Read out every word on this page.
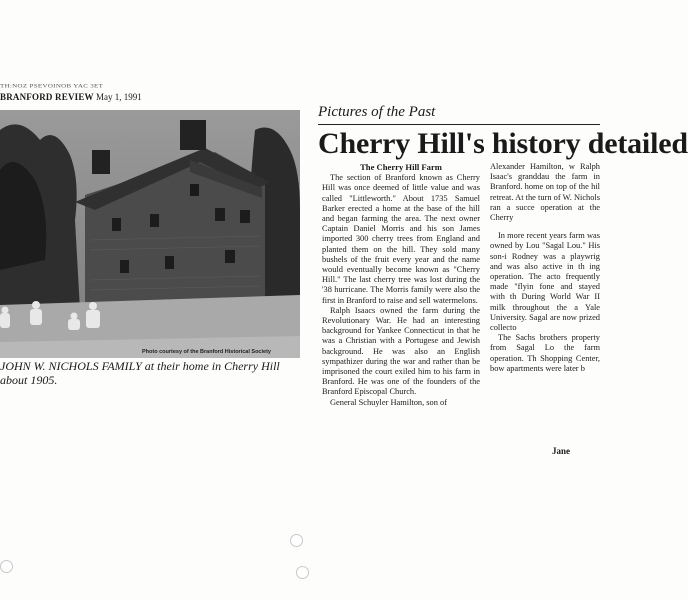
TH:NOZ PSEVOINOB YAC 3ET
BRANFORD REVIEW May 1, 1991
Photo courtesy of the Branford Historical Society
JOHN W. NICHOLS FAMILY at their home in Cherry Hill about 1905.
Pictures of the Past
Cherry Hill's history detailed

The Cherry Hill Farm

The section of Branford known as Cherry Hill was once deemed of little value and was called "Littleworth." About 1735 Samuel Barker erected a home at the base of the hill and began farming the area. The next owner Captain Daniel Morris and his son James imported 300 cherry trees from England and planted them on the hill. They sold many bushels of the fruit every year and the name would eventually become known as "Cherry Hill." The last cherry tree was lost during the '38 hurricane. The Morris family were also the first in Branford to raise and sell watermelons.

Ralph Isaacs owned the farm during the Revolutionary War. He had an interesting background for Yankee Connecticut in that he was a Christian with a Portugese and Jewish background. He was also an English sympathizer during the war and rather than be imprisoned the court exiled him to his farm in Branford. He was one of the founders of the Branford Episcopal Church.

General Schuyler Hamilton, son of

Alexander Hamilton, w Ralph Isaac's granddau the farm in Branford. home on top of the hil retreat. At the turn of W. Nichols ran a succe operation at the Cherry

In more recent years farm was owned by Lou "Sagal Lou." His son-i Rodney was a playwrig and was also active in th ing operation. The acto frequently made "flyin fone and stayed with th During World War II milk throughout the a Yale University. Sagal are now prized collecto

The Sachs brothers property from Sagal Lo the farm operation. Th Shopping Center, bow apartments were later b

Jane
